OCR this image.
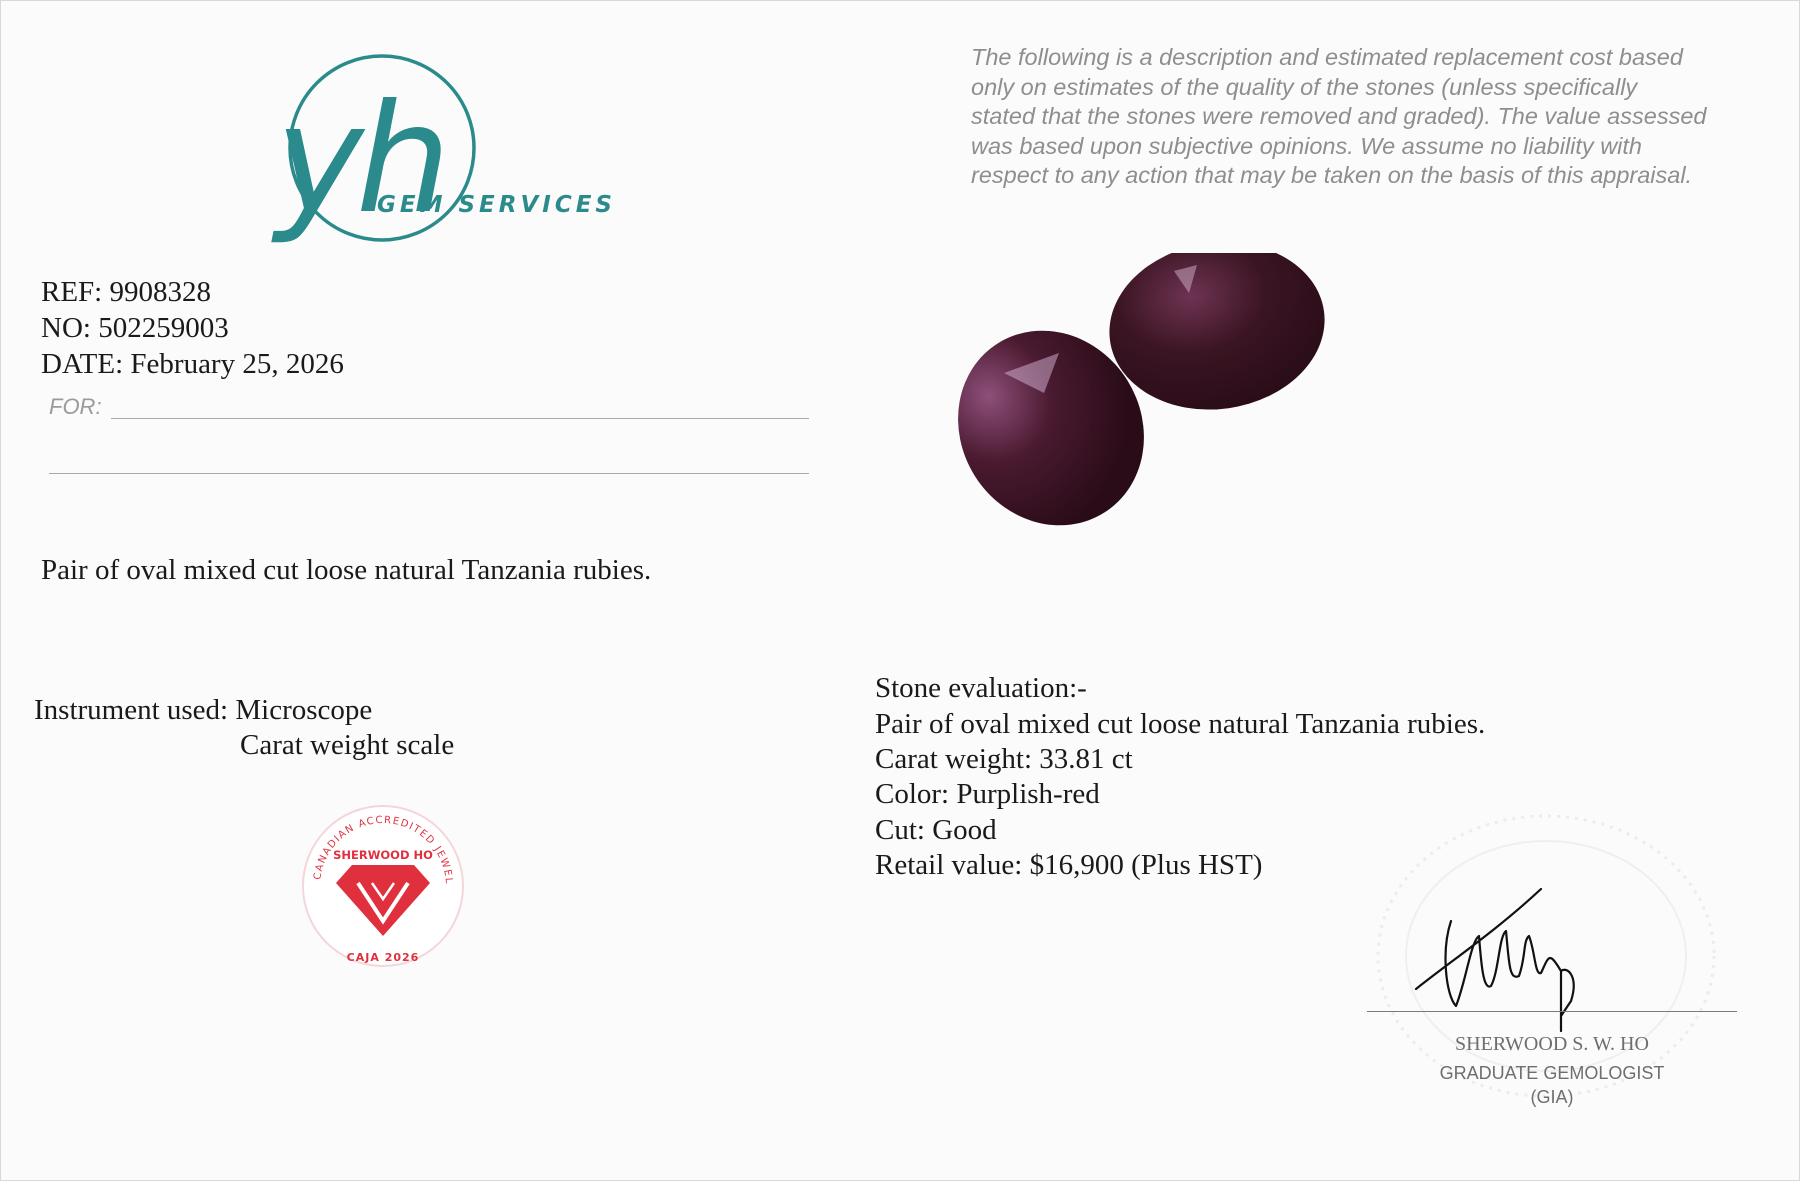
yh
GEM SERVICES
The following is a description and estimated replacement cost based
only on estimates of the quality of the stones (unless specifically
stated that the stones were removed and graded). The value assessed
was based upon subjective opinions. We assume no liability with
respect to any action that may be taken on the basis of this appraisal.
REF: 9908328
NO: 502259003
DATE: February 25, 2026
FOR:
Pair of oval mixed cut loose natural Tanzania rubies.
Instrument used: Microscope
Carat weight scale
CANADIAN ACCREDITED JEWEL
SHERWOOD HO
CAJA 2026
Stone evaluation:-
Pair of oval mixed cut loose natural Tanzania rubies.
Carat weight: 33.81 ct
Color: Purplish-red
Cut: Good
Retail value: $16,900 (Plus HST)
SHERWOOD S. W. HO
GRADUATE GEMOLOGIST
(GIA)
